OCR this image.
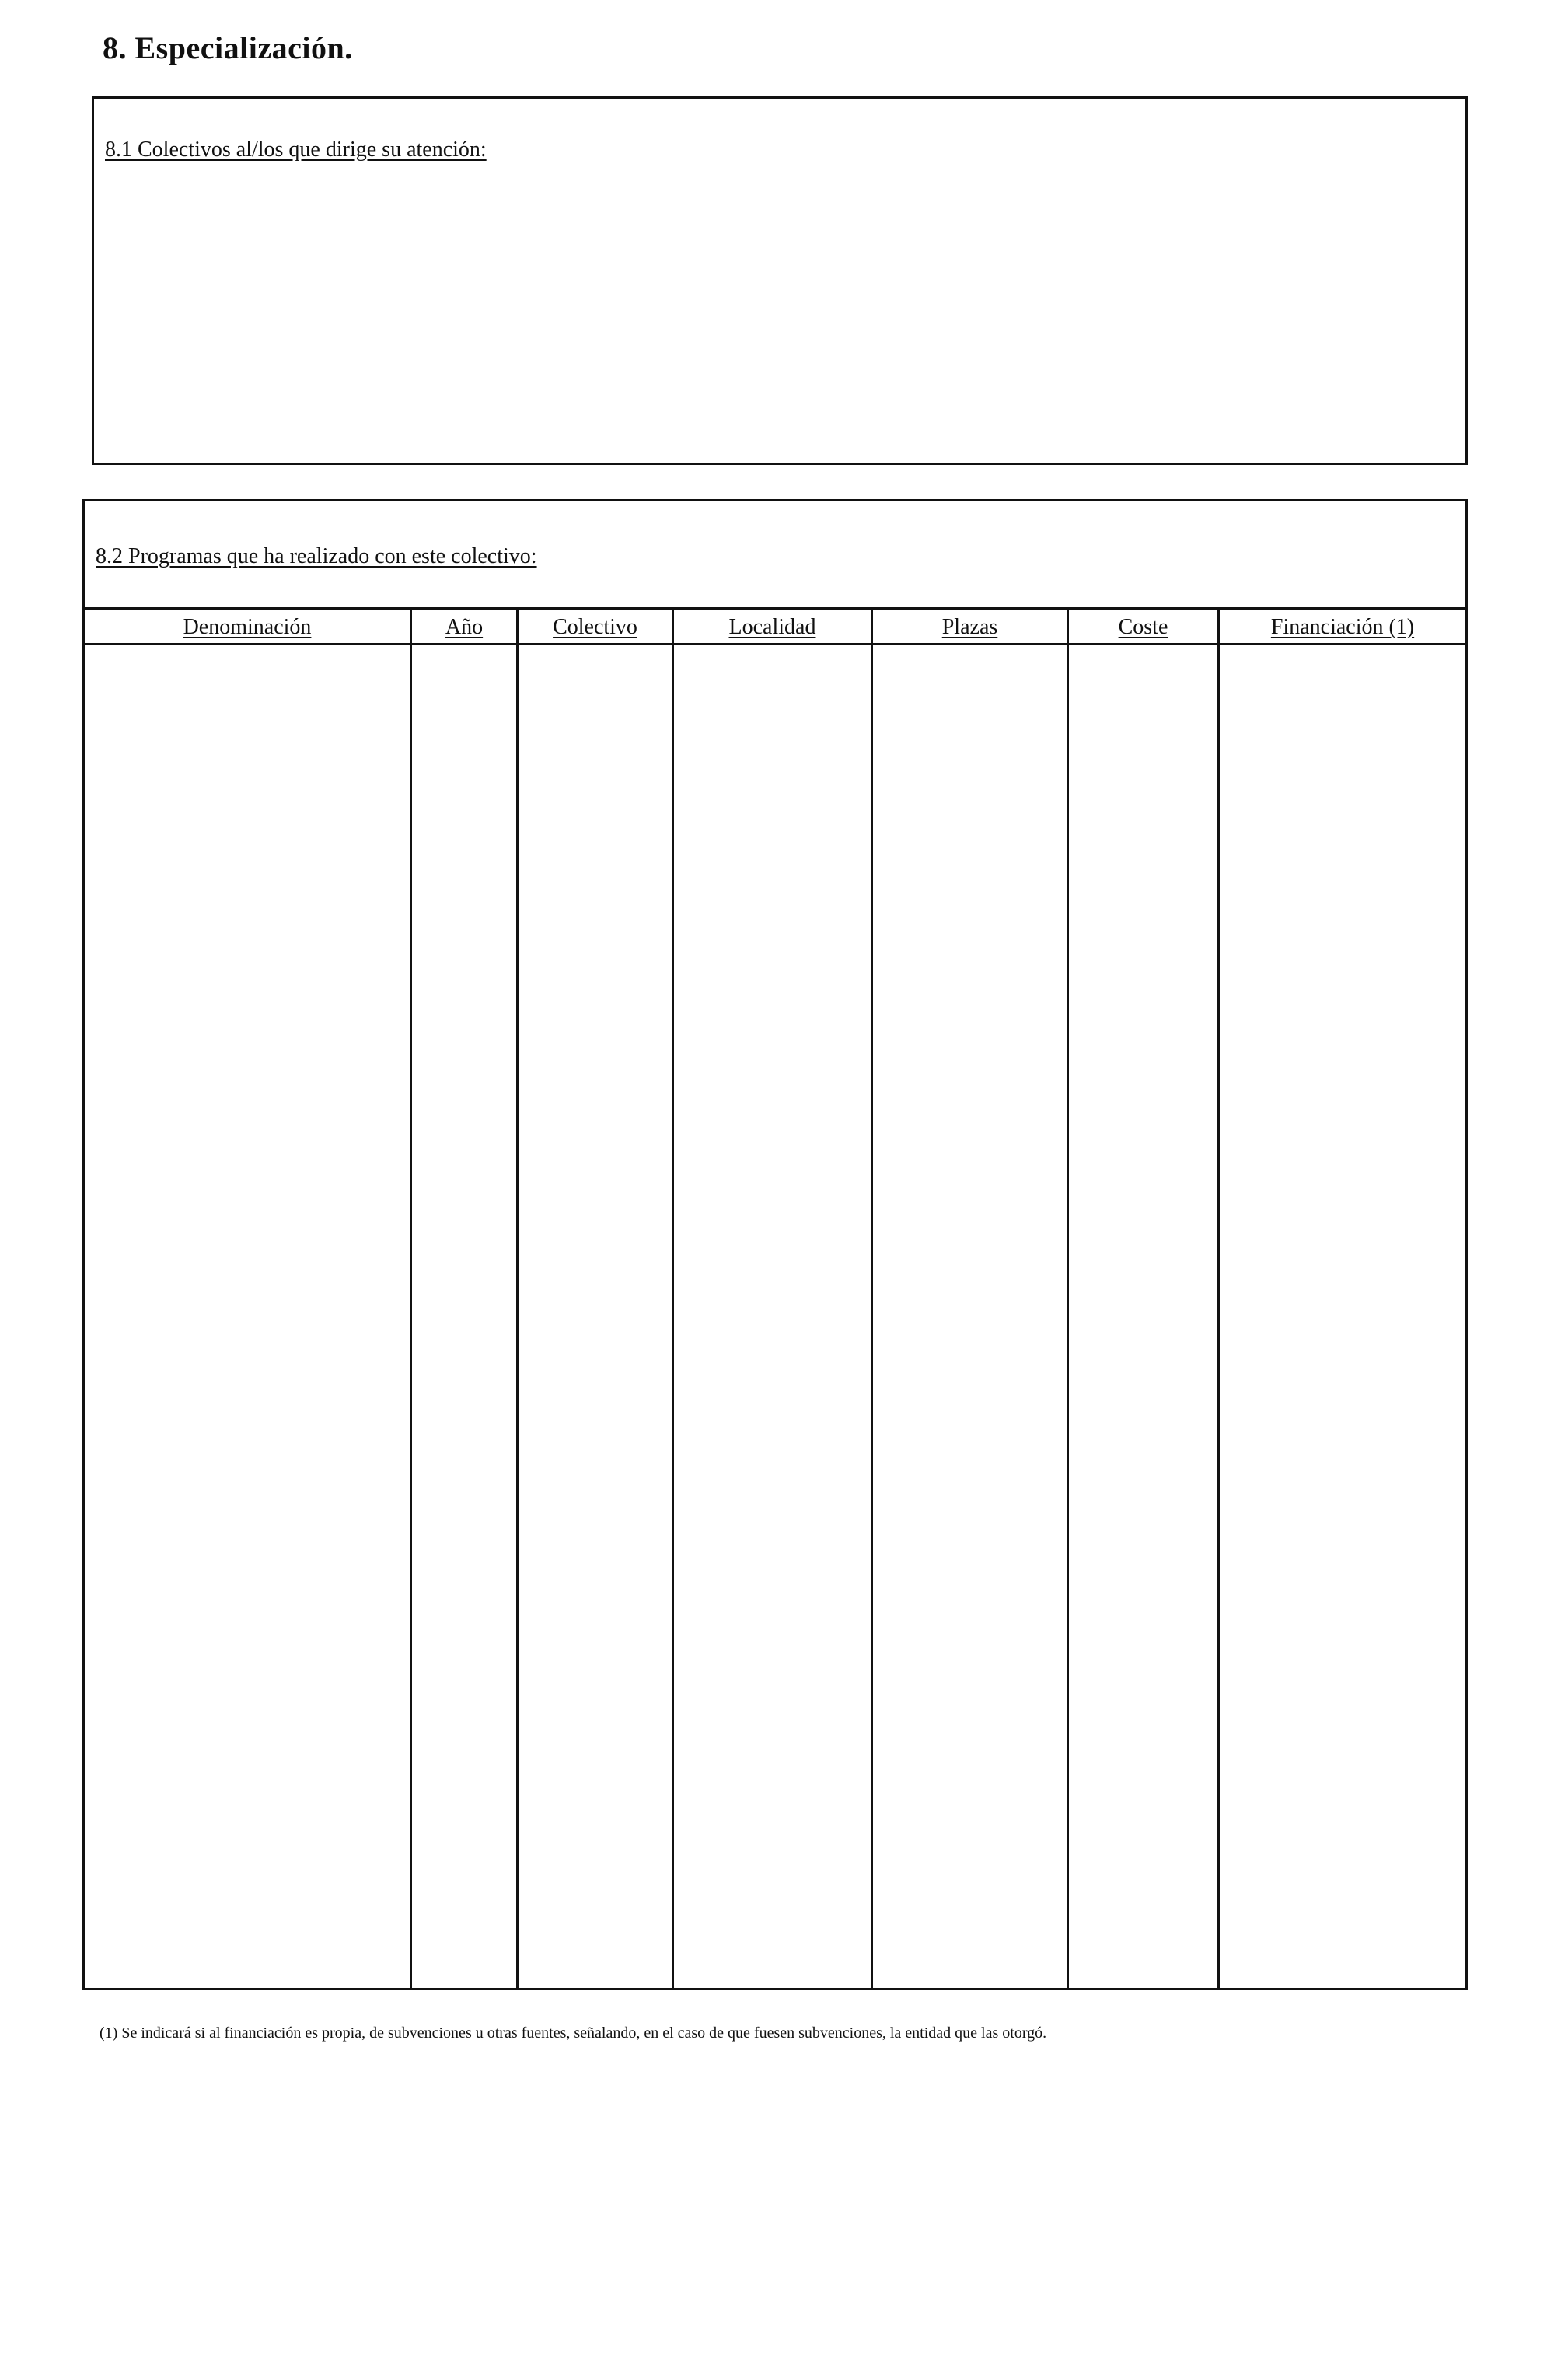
8. Especialización.
8.1 Colectivos al/los que dirige su atención:
8.2 Programas que ha realizado con este colectivo:
Denominación	Año	Colectivo	Localidad	Plazas	Coste	Financiación (1)

(1) Se indicará si al financiación es propia, de subvenciones u otras fuentes, señalando, en el caso de que fuesen subvenciones, la entidad que las otorgó.
